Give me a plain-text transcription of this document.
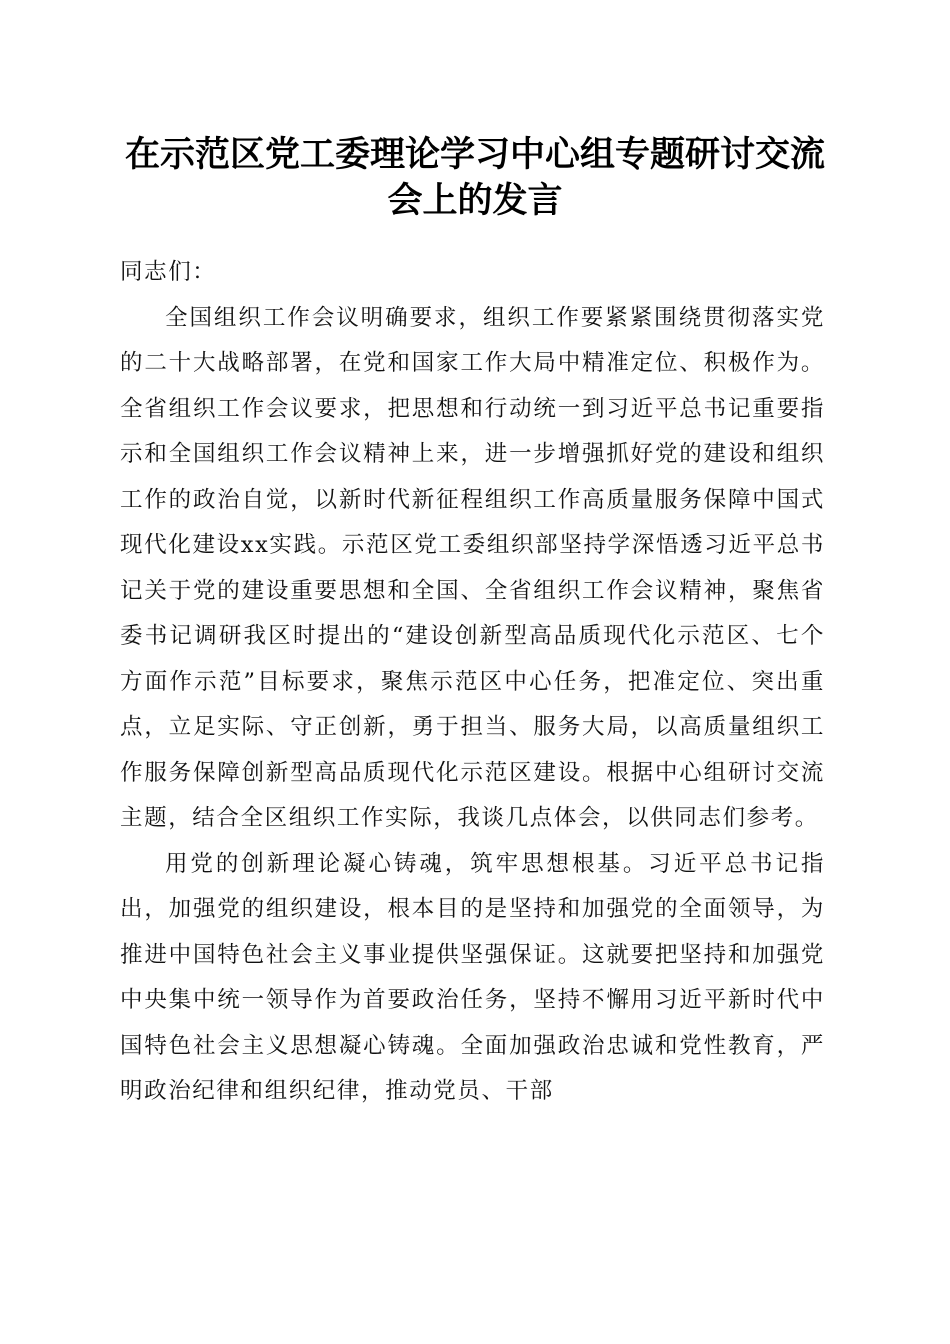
在示范区党工委理论学习中心组专题研讨交流
会上的发言

同志们：

全国组织工作会议明确要求，组织工作要紧紧围绕贯彻落实党的二十大战略部署，在党和国家工作大局中精准定位、积极作为。全省组织工作会议要求，把思想和行动统一到习近平总书记重要指示和全国组织工作会议精神上来，进一步增强抓好党的建设和组织工作的政治自觉，以新时代新征程组织工作高质量服务保障中国式现代化建设xx实践。示范区党工委组织部坚持学深悟透习近平总书记关于党的建设重要思想和全国、全省组织工作会议精神，聚焦省委书记调研我区时提出的“建设创新型高品质现代化示范区、七个方面作示范”目标要求，聚焦示范区中心任务，把准定位、突出重点，立足实际、守正创新，勇于担当、服务大局，以高质量组织工作服务保障创新型高品质现代化示范区建设。根据中心组研讨交流主题，结合全区组织工作实际，我谈几点体会，以供同志们参考。

用党的创新理论凝心铸魂，筑牢思想根基。习近平总书记指出，加强党的组织建设，根本目的是坚持和加强党的全面领导，为推进中国特色社会主义事业提供坚强保证。这就要把坚持和加强党中央集中统一领导作为首要政治任务，坚持不懈用习近平新时代中国特色社会主义思想凝心铸魂。全面加强政治忠诚和党性教育，严明政治纪律和组织纪律，推动党员、干部
